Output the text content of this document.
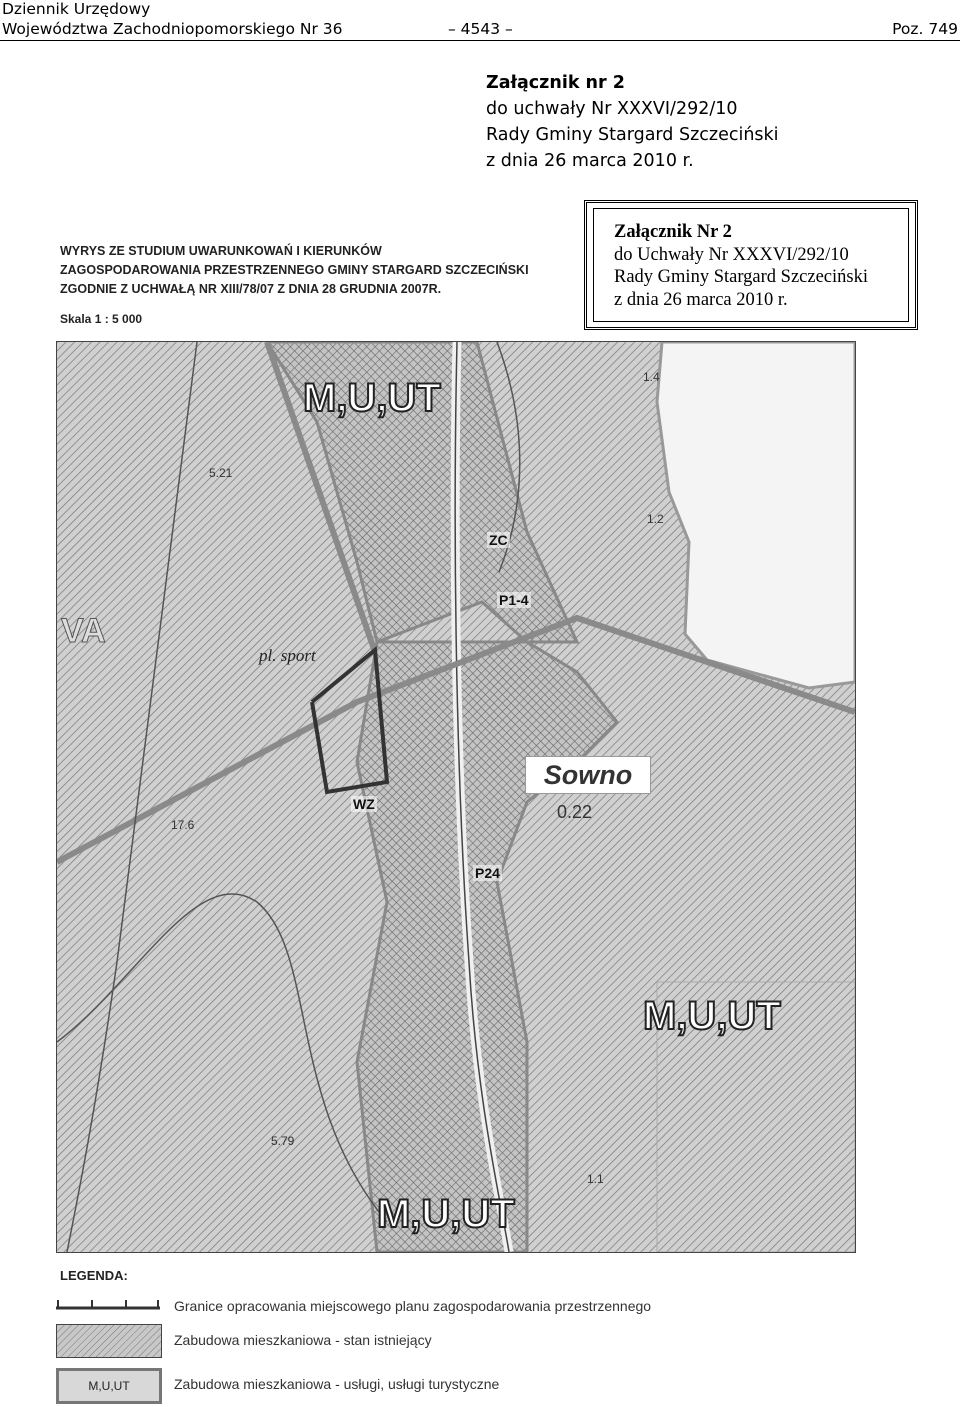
Dziennik Urzędowy
Województwa Zachodniopomorskiego Nr 36	– 4543 –	Poz. 749
Załącznik nr 2
do uchwały Nr XXXVI/292/10
Rady Gminy Stargard Szczeciński
z dnia 26 marca 2010 r.
WYRYS ZE STUDIUM UWARUNKOWAŃ I KIERUNKÓW
ZAGOSPODAROWANIA PRZESTRZENNEGO GMINY STARGARD SZCZECIŃSKI
ZGODNIE Z UCHWAŁĄ NR XIII/78/07 Z DNIA 28 GRUDNIA 2007R.
Skala 1 : 5 000
Załącznik Nr 2
do Uchwały Nr XXXVI/292/10
Rady Gminy Stargard Szczeciński
z dnia 26 marca 2010 r.
M,U,UT
M,U,UT
M,U,UT
Sowno
ZC
P1-4
P24
WZ
pl. sport
VA
1.4
1.2
0.22
5.21
17.6
5.79
1.1
LEGENDA:
Granice opracowania miejscowego planu zagospodarowania przestrzennego
Zabudowa mieszkaniowa - stan istniejący
M,U,UT	Zabudowa mieszkaniowa - usługi, usługi turystyczne
